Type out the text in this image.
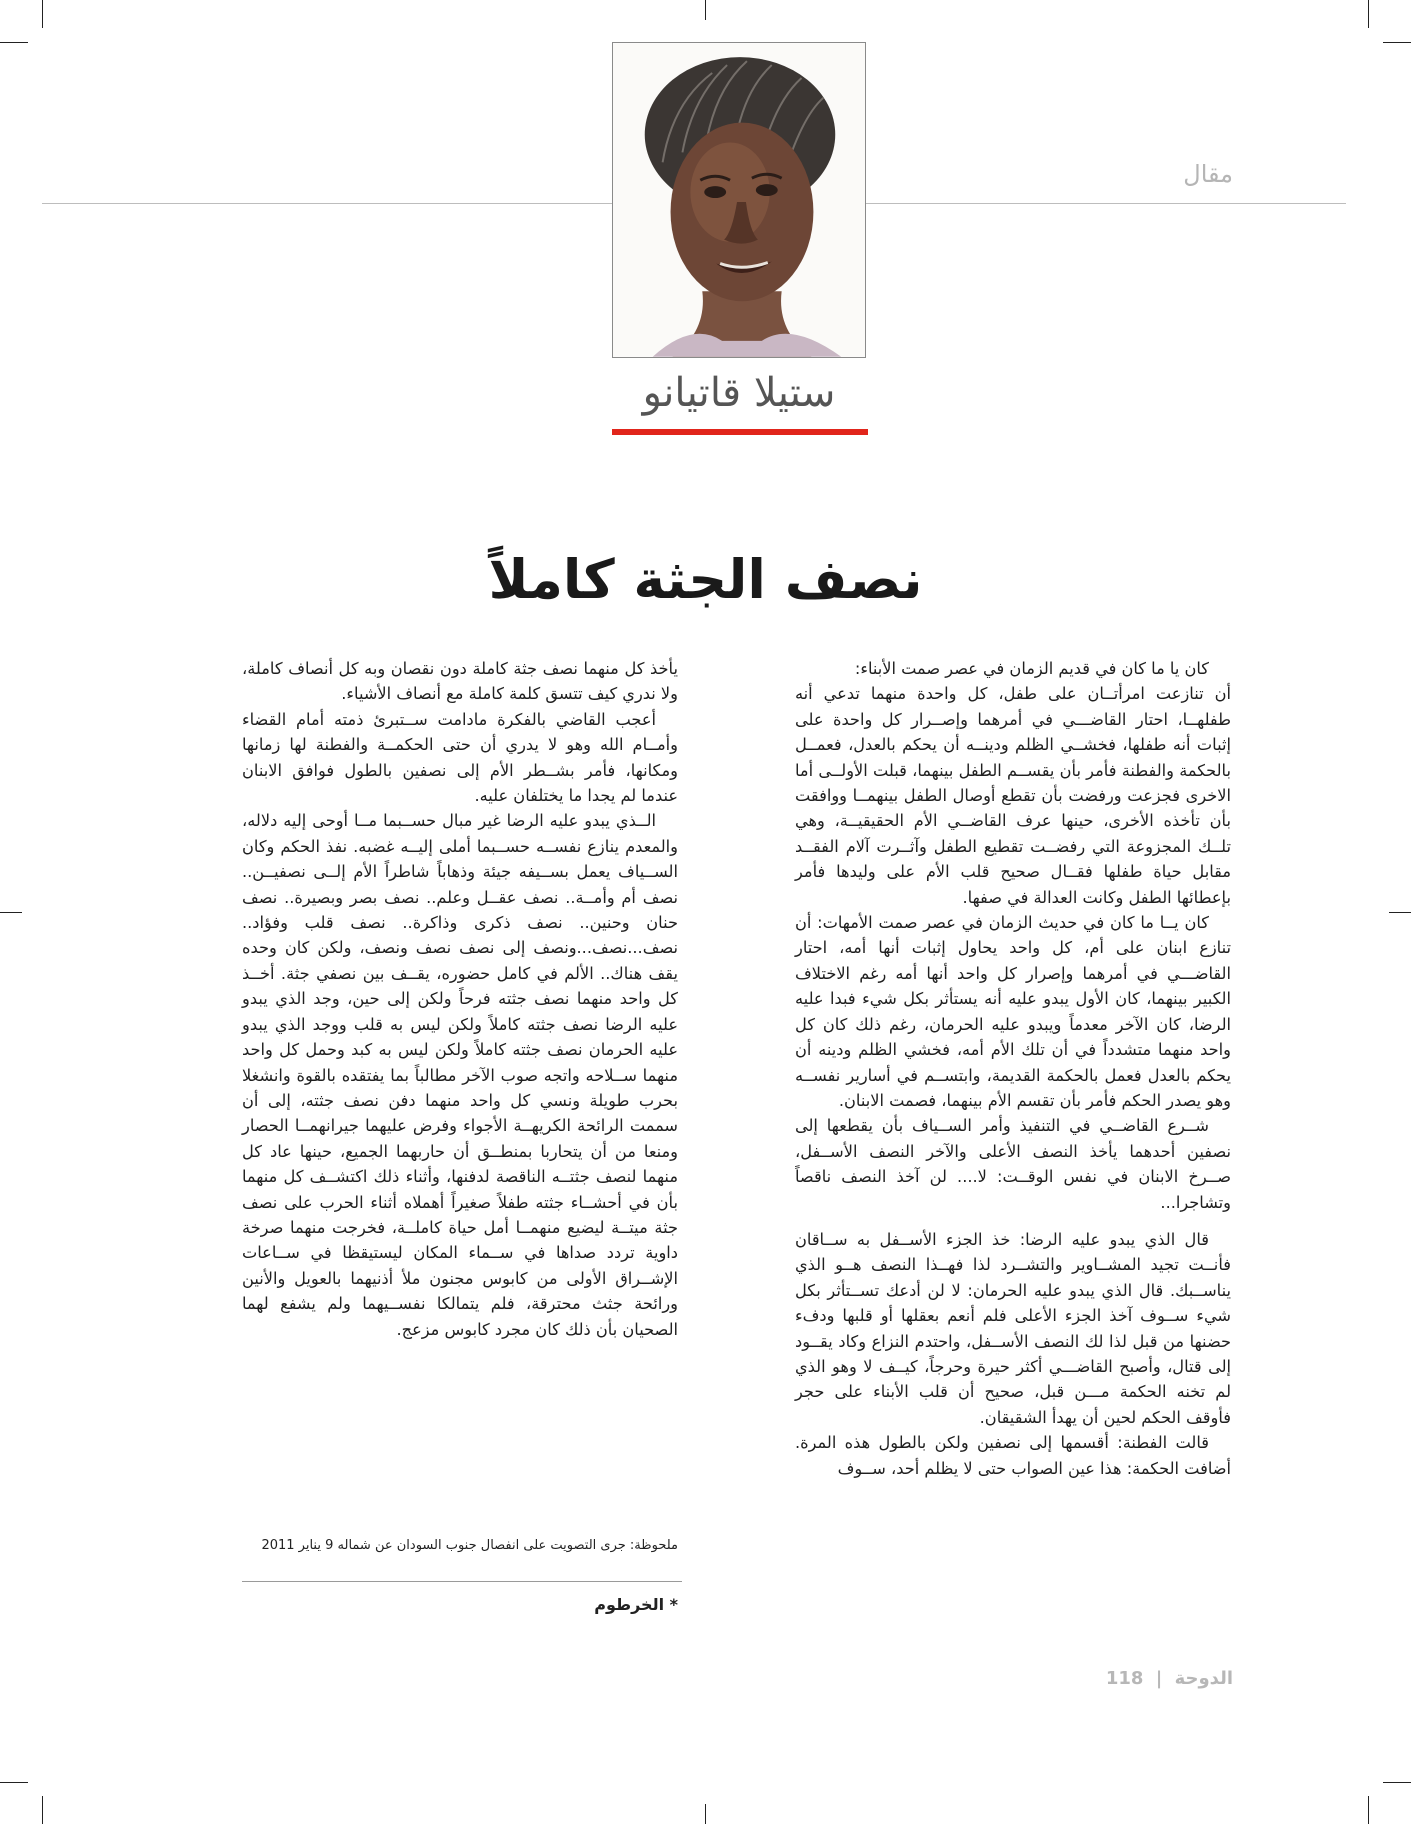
مقال
ستيلا قاتيانو
نصف الجثة كاملاً

كان يا ما كان في قديم الزمان في عصر صمت الأبناء:

أن تنازعت امرأتــان على طفل، كل واحدة منهما تدعي أنه طفلهــا، احتار القاضـــي في أمرهما وإصــرار كل واحدة على إثبات أنه طفلها، فخشــي الظلم ودينــه أن يحكم بالعدل، فعمــل بالحكمة والفطنة فأمر بأن يقســم الطفل بينهما، قبلت الأولــى أما الاخرى فجزعت ورفضت بأن تقطع أوصال الطفل بينهمــا ووافقت بأن تأخذه الأخرى، حينها عرف القاضــي الأم الحقيقيــة، وهي تلــك المجزوعة التي رفضــت تقطيع الطفل وآثــرت آلام الفقــد مقابل حياة طفلها فقــال صحيح قلب الأم على وليدها فأمر بإعطائها الطفل وكانت العدالة في صفها.

كان يــا ما كان في حديث الزمان في عصر صمت الأمهات: أن تنازع ابنان على أم، كل واحد يحاول إثبات أنها أمه، احتار القاضـــي في أمرهما وإصرار كل واحد أنها أمه رغم الاختلاف الكبير بينهما، كان الأول يبدو عليه أنه يستأثر بكل شيء فبدا عليه الرضا، كان الآخر معدماً ويبدو عليه الحرمان، رغم ذلك كان كل واحد منهما متشدداً في أن تلك الأم أمه، فخشي الظلم ودينه أن يحكم بالعدل فعمل بالحكمة القديمة، وابتســم في أسارير نفســه وهو يصدر الحكم فأمر بأن تقسم الأم بينهما، فصمت الابنان.

شــرع القاضــي في التنفيذ وأمر الســياف بأن يقطعها إلى نصفين أحدهما يأخذ النصف الأعلى والآخر النصف الأســفل، صــرخ الابنان في نفس الوقــت: لا.... لن آخذ النصف ناقصاً وتشاجرا...

قال الذي يبدو عليه الرضا: خذ الجزء الأســفل به ســاقان فأنــت تجيد المشــاوير والتشــرد لذا فهــذا النصف هــو الذي يناســبك. قال الذي يبدو عليه الحرمان: لا لن أدعك تســتأثر بكل شيء ســوف آخذ الجزء الأعلى فلم أنعم بعقلها أو قلبها ودفء حضنها من قبل لذا لك النصف الأســفل، واحتدم النزاع وكاد يقــود إلى قتال، وأصبح القاضـــي أكثر حيرة وحرجاً، كيــف لا وهو الذي لم تخنه الحكمة مـــن قبل، صحيح أن قلب الأبناء على حجر فأوقف الحكم لحين أن يهدأ الشقيقان.

قالت الفطنة: أقسمها إلى نصفين ولكن بالطول هذه المرة. أضافت الحكمة: هذا عين الصواب حتى لا يظلم أحد، ســوف

يأخذ كل منهما نصف جثة كاملة دون نقصان وبه كل أنصاف كاملة، ولا ندري كيف تتسق كلمة كاملة مع أنصاف الأشياء.

أعجب القاضي بالفكرة مادامت ســتبرئ ذمته أمام القضاء وأمــام الله وهو لا يدري أن حتى الحكمــة والفطنة لها زمانها ومكانها، فأمر بشــطر الأم إلى نصفين بالطول فوافق الابنان عندما لم يجدا ما يختلفان عليه.

الــذي يبدو عليه الرضا غير مبال حســبما مــا أوحى إليه دلاله، والمعدم ينازع نفســه حســبما أملى إليــه غضبه. نفذ الحكم وكان الســياف يعمل بســيفه جيئة وذهاباً شاطراً الأم إلــى نصفيــن.. نصف أم وأمــة.. نصف عقــل وعلم.. نصف بصر وبصيرة.. نصف حنان وحنين.. نصف ذكرى وذاكرة.. نصف قلب وفؤاد.. نصف...نصف...ونصف إلى نصف نصف ونصف، ولكن كان وحده يقف هناك.. الألم في كامل حضوره، يقــف بين نصفي جثة. أخــذ كل واحد منهما نصف جثته فرحاً ولكن إلى حين، وجد الذي يبدو عليه الرضا نصف جثته كاملاً ولكن ليس به قلب ووجد الذي يبدو عليه الحرمان نصف جثته كاملاً ولكن ليس به كبد وحمل كل واحد منهما ســلاحه واتجه صوب الآخر مطالباً بما يفتقده بالقوة وانشغلا بحرب طويلة ونسي كل واحد منهما دفن نصف جثته، إلى أن سممت الرائحة الكريهــة الأجواء وفرض عليهما جيرانهمــا الحصار ومنعا من أن يتحاربا بمنطــق أن حاربهما الجميع، حينها عاد كل منهما لنصف جثتــه الناقصة لدفنها، وأثناء ذلك اكتشــف كل منهما بأن في أحشــاء جثته طفلاً صغيراً أهملاه أثناء الحرب على نصف جثة ميتــة ليضيع منهمــا أمل حياة كاملــة، فخرجت منهما صرخة داوية تردد صداها في ســماء المكان ليستيقظا في ســاعات الإشــراق الأولى من كابوس مجنون ملأ أذنيهما بالعويل والأنين ورائحة جثث محترقة، فلم يتمالكا نفســيهما ولم يشفع لهما الصحيان بأن ذلك كان مجرد كابوس مزعج.

ملحوظة: جرى التصويت على انفصال جنوب السودان عن شماله 9 يناير 2011
* الخرطوم
الدوحة | 118
